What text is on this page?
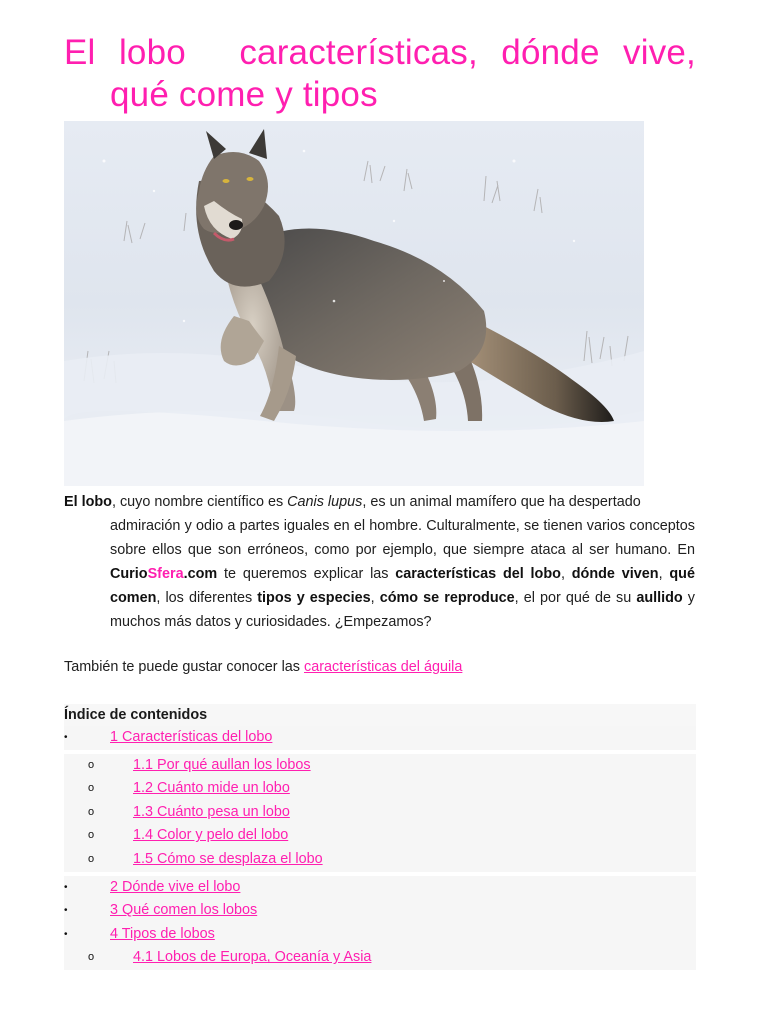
El lobo características, dónde vive,
qué come y tipos

El lobo, cuyo nombre científico es Canis lupus, es un animal mamífero que ha despertado
admiración y odio a partes iguales en el hombre. Culturalmente, se tienen varios conceptos sobre ellos que son erróneos, como por ejemplo, que siempre ataca al ser humano. En CurioSfera.com te queremos explicar las características del lobo, dónde viven, qué comen, los diferentes tipos y especies, cómo se reproduce, el por qué de su aullido y muchos más datos y curiosidades. ¿Empezamos?

También te puede gustar conocer las características del águila

Índice de contenidos
•	1 Características del lobo
o	1.1 Por qué aullan los lobos
o	1.2 Cuánto mide un lobo
o	1.3 Cuánto pesa un lobo
o	1.4 Color y pelo del lobo
o	1.5 Cómo se desplaza el lobo
•	2 Dónde vive el lobo
•	3 Qué comen los lobos
•	4 Tipos de lobos
o	4.1 Lobos de Europa, Oceanía y Asia
